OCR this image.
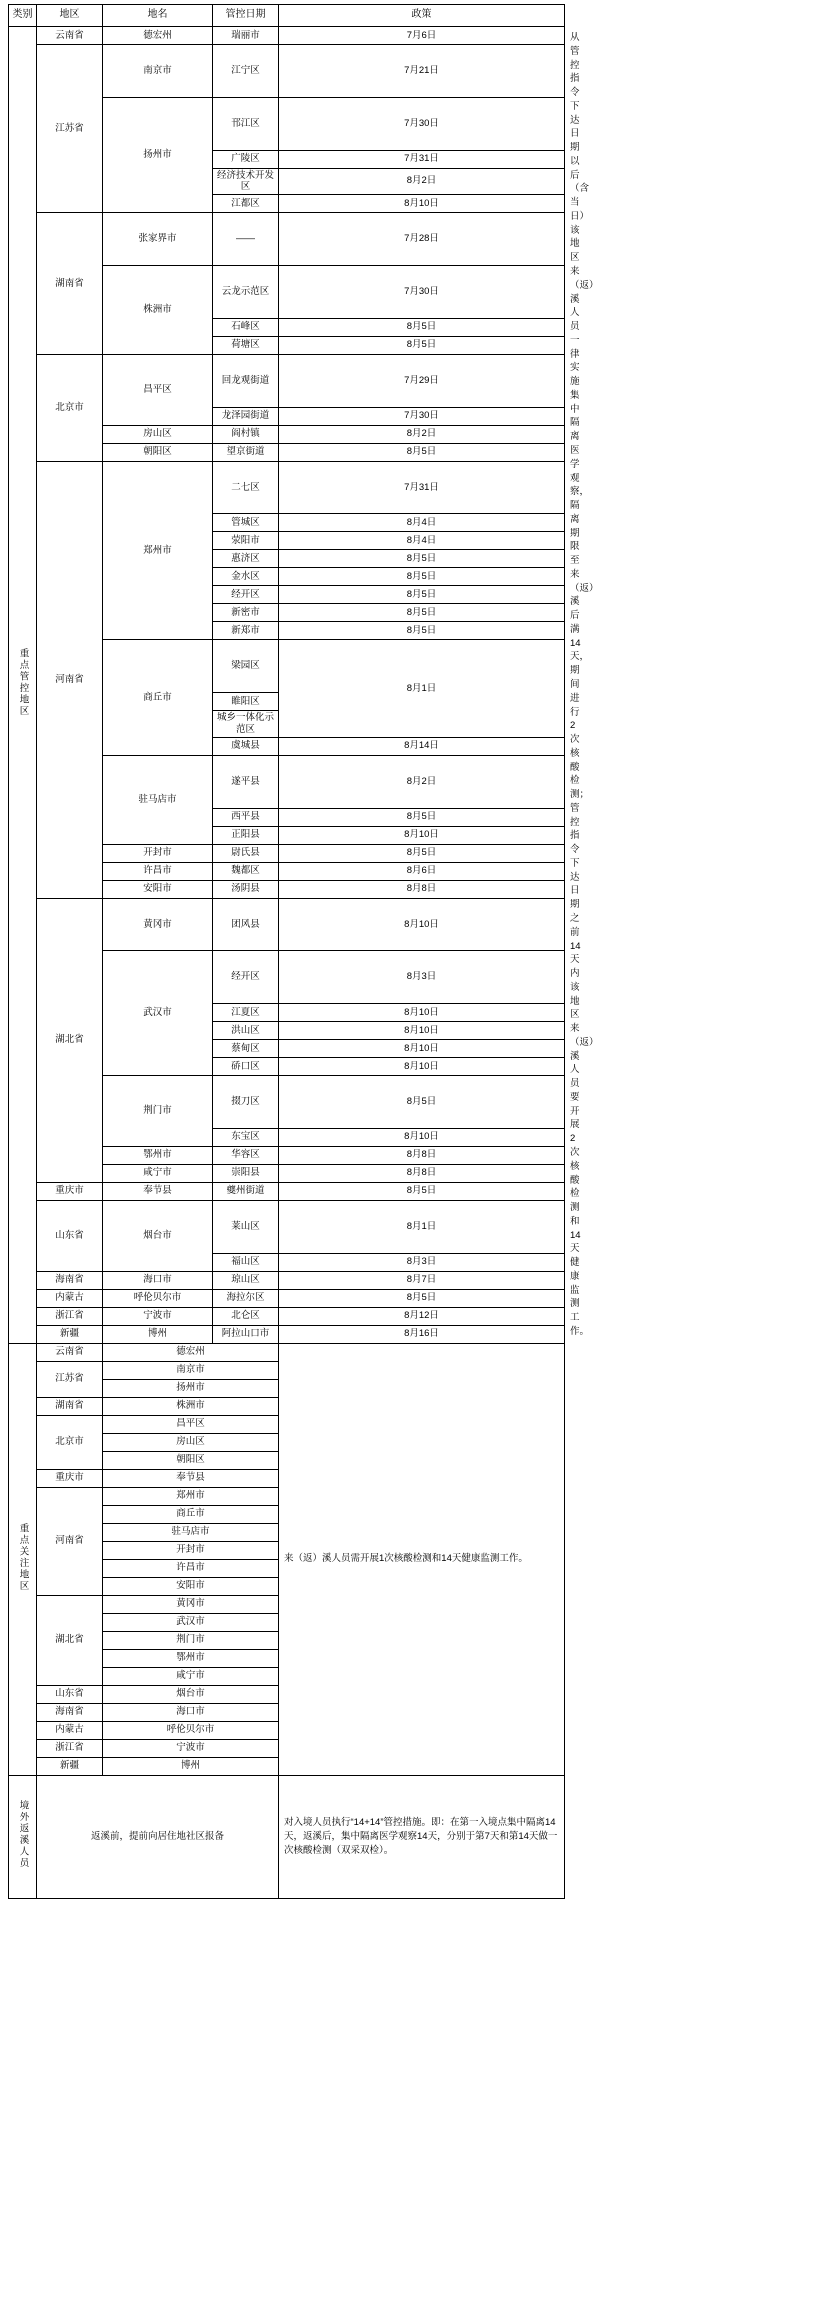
类别	地区	地名	管控日期	政策	
重点管控地区	云南省	德宏州	瑞丽市	7月6日	从管控指令下达日期以后（含当日）该地区来（返）溪人员一律实施集中隔离医学观察，隔离期限至来（返）溪后满14天，期间进行2次核酸检测；管控指令下达日期之前14天内该地区来（返）溪人员要开展2次核酸检测和14天健康监测工作。
	江苏省	南京市	江宁区	7月21日	
		扬州市	邗江区	7月30日	
			广陵区	7月31日	
			经济技术开发区	8月2日	
			江都区	8月10日	
	湖南省	张家界市	——	7月28日	
		株洲市	云龙示范区	7月30日	
			石峰区	8月5日	
			荷塘区	8月5日	
	北京市	昌平区	回龙观街道	7月29日	
			龙泽园街道	7月30日	
		房山区	阎村镇	8月2日	
		朝阳区	望京街道	8月5日	
	河南省	郑州市	二七区	7月31日	
			管城区	8月4日	
			荥阳市	8月4日	
			惠济区	8月5日	
			金水区	8月5日	
			经开区	8月5日	
			新密市	8月5日	
			新郑市	8月5日	
		商丘市	梁园区	8月1日	
			睢阳区		
			城乡一体化示范区		
			虞城县	8月14日	
		驻马店市	遂平县	8月2日	
			西平县	8月5日	
			正阳县	8月10日	
		开封市	尉氏县	8月5日	
		许昌市	魏都区	8月6日	
		安阳市	汤阴县	8月8日	
	湖北省	黄冈市	团风县	8月10日	
		武汉市	经开区	8月3日	
			江夏区	8月10日	
			洪山区	8月10日	
			蔡甸区	8月10日	
			硚口区	8月10日	
		荆门市	掇刀区	8月5日	
			东宝区	8月10日	
		鄂州市	华容区	8月8日	
		咸宁市	崇阳县	8月8日	
	重庆市	奉节县	夔州街道	8月5日	
	山东省	烟台市	莱山区	8月1日	
			福山区	8月3日	
	海南省	海口市	琼山区	8月7日	
	内蒙古	呼伦贝尔市	海拉尔区	8月5日	
	浙江省	宁波市	北仑区	8月12日	
	新疆	博州	阿拉山口市	8月16日	
重点关注地区	云南省	德宏州		来（返）溪人员需开展1次核酸检测和14天健康监测工作。	
	江苏省	南京市			
		扬州市			
	湖南省	株洲市			
	北京市	昌平区			
		房山区			
		朝阳区			
	重庆市	奉节县			
	河南省	郑州市			
		商丘市			
		驻马店市			
		开封市			
		许昌市			
		安阳市			
	湖北省	黄冈市			
		武汉市			
		荆门市			
		鄂州市			
		咸宁市			
	山东省	烟台市			
	海南省	海口市			
	内蒙古	呼伦贝尔市			
	浙江省	宁波市			
	新疆	博州			
境外返溪人员	返溪前，提前向居住地社区报备			对入境人员执行“14+14”管控措施。即：在第一入境点集中隔离14天，返溪后，集中隔离医学观察14天，分别于第7天和第14天做一次核酸检测（双采双检）。	
